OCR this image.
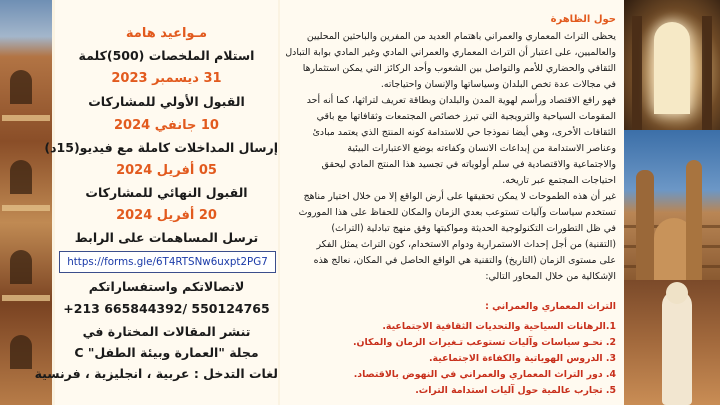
مـواعيد هامة
استلام الملخصات (500)كلمة
31 ديسمبر 2023
القبول الأولي للمشاركات
10 جانفي 2024
إرسال المداخلات كاملة مع فيديو(15د)
05 أفريل 2024
القبول النهائي للمشاركات
20 أفريل 2024
ترسل المساهمات على الرابط
https://forms.gle/6T4RTSNw6uxpt2PG7
لاتصالاتكم واستفساراتكم
+213 665844392/ 550124765
تنشر المقالات المختارة في
مجلة "العمارة وبيئة الطفل" C
لغات التدخل : عربية ، انجليزية ، فرنسية
حول الظاهرة
يحظى التراث المعماري والعمراني باهتمام العديد من المفرين والباحثين المحليين
والعالميين، على اعتبار أن التراث المعماري والعمراني المادي وغير المادي بوابة التبادل
الثقافي والحضاري للأمم والتواصل بين الشعوب وأحد الركائز التي يمكن استثمارها
في مجالات عدة تخص البلدان وسياساتها والإنسان واحتياجاته.
فهو رافع الاقتصاد ورأسم لهوية المدن والبلدان وبطاقة تعريف لتراثها، كما أنه أحد
المقومات السياحية والترويجية التي تبرز خصائص المجتمعات وثقافاتها مع باقي
الثقافات الأخرى، وهي أيضا نموذجا حي للاستدامة كونه المنتج الذي يعتمد مبادئ
وعناصر الاستدامة من إبداعات الانسان وكفاءته بوضع الاعتبارات البيئية
والاجتماعية والاقتصادية في سلم أولوياته في تجسيد هذا المنتج المادي ليحقق
احتياجات المجتمع عبر تاريخه.
غير أن هذه الطموحات لا يمكن تحقيقها على أرض الواقع إلا من خلال اختيار مناهج
تستخدم سياسات وآليات تستوعب بعدي الزمان والمكان للحفاظ على هذا الموروث
في ظل التطورات التكنولوجية الحديثة ومواكبتها وفق منهج تبادلية (التراث)
(التقنية) من أجل إحداث الاستمرارية ودوام الاستخدام، كون التراث يمثل الفكر
على مستوى الزمان (التاريخ) والتقنية هي الواقع الحاصل في المكان، نعالج هذه
الإشكالية من خلال المحاور التالي:
التراث المعماري والعمراني :
1.الرهانات السياحية والتحديات الثقافية الاجتماعية.
2. نحـو سياسات وآليات تستوعب تـغيرات الزمان والمكان.
3. الدروس الهوياتية والكفاءة الاجتماعية.
4. دور التراث المعماري والعمراني في النهوض بالاقتصاد.
5. تجارب عالمية حول آليات استدامة التراث.
